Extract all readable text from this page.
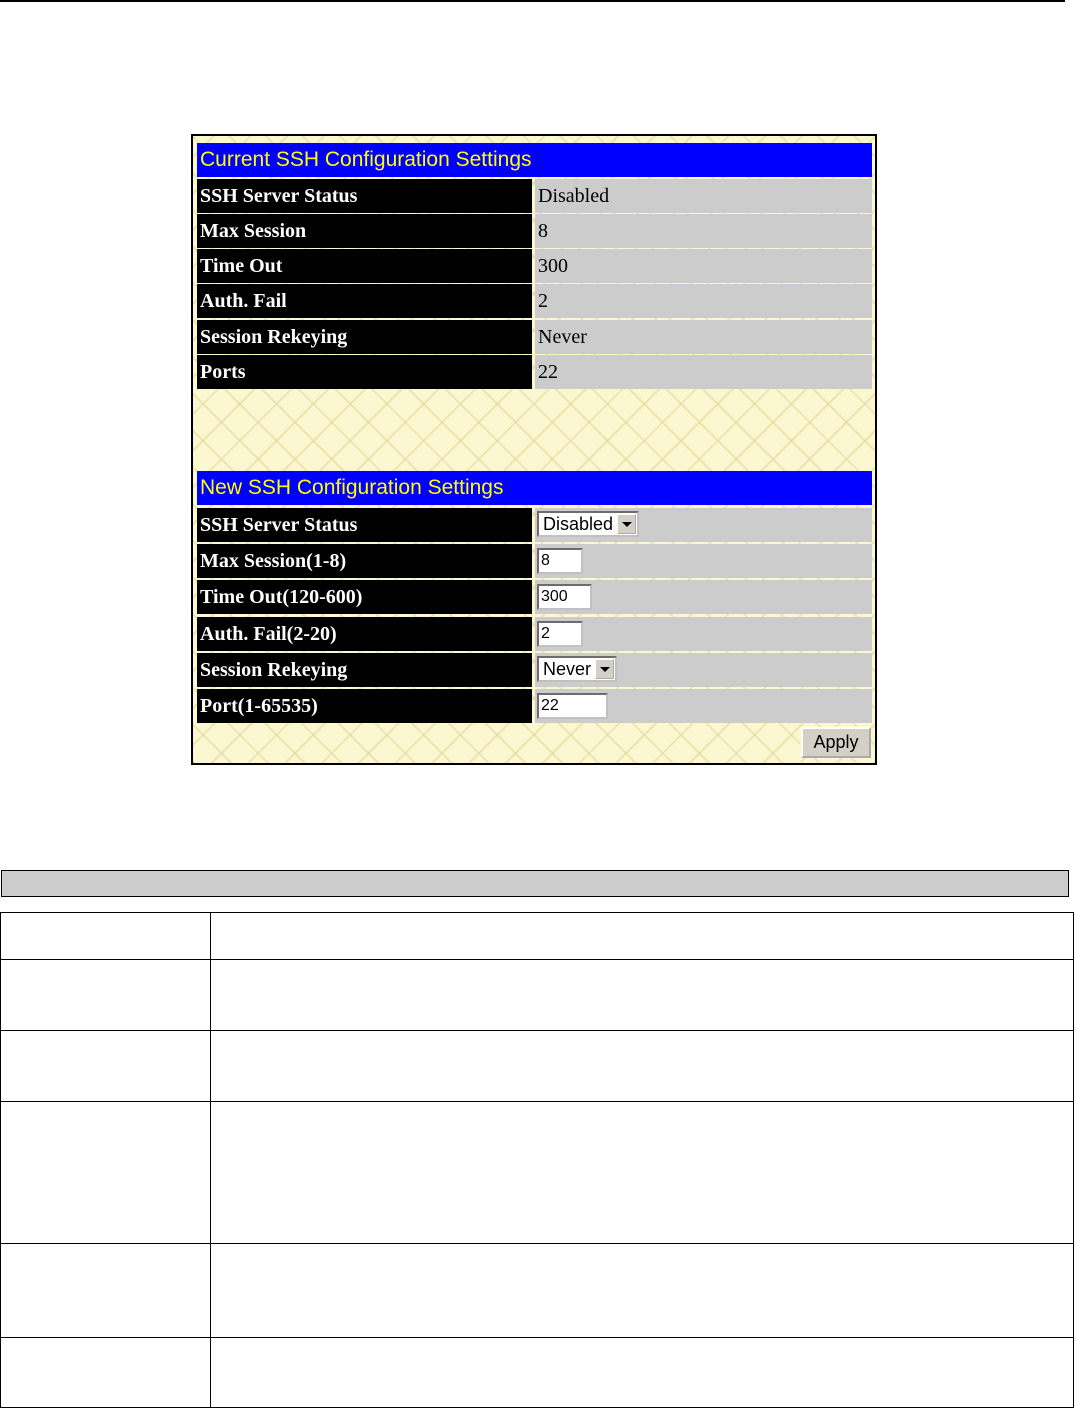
Current SSH Configuration Settings
SSH Server Status	Disabled
Max Session	8
Time Out	300
Auth. Fail	2
Session Rekeying	Never
Ports	22
New SSH Configuration Settings
SSH Server Status	Disabled
Max Session(1-8)	8
Time Out(120-600)	300
Auth. Fail(2-20)	2
Session Rekeying	Never
Port(1-65535)	22
Apply
